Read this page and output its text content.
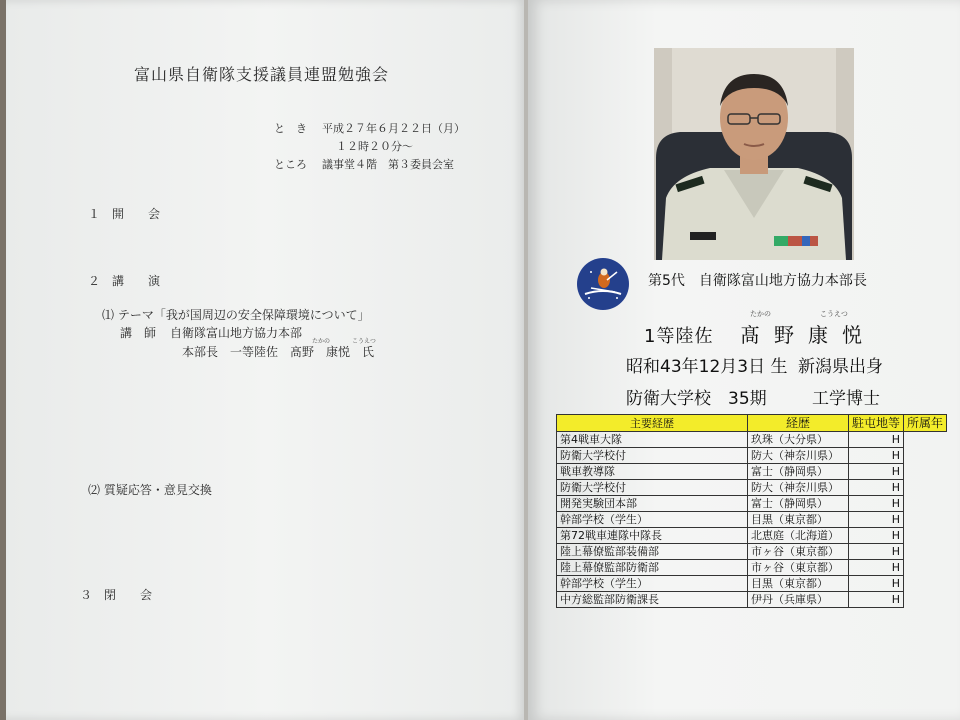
富山県自衛隊支援議員連盟勉強会
と　き 平成２７年６月２２日（月）
１２時２０分～
ところ 議事堂４階　第３委員会室
１　開　　会
２　講　　演
⑴ テーマ「我が国周辺の安全保障環境について」
講　師 自衛隊富山地方協力本部
たかの	こうえつ
本部長　一等陸佐　髙野　康悦　氏
⑵ 質疑応答・意見交換
３　閉　　会
第5代　自衛隊富山地方協力本部長
1等陸佐
たかの	こうえつ
髙野康悦
昭和43年12月3日 生 新潟県出身
防衛大学校　35期	工学博士
主要経歴	経歴	駐屯地等	所属年
第4戦車大隊	玖珠（大分県）	H	
防衛大学校付	防大（神奈川県）	H	
戦車教導隊	富士（静岡県）	H	
防衛大学校付	防大（神奈川県）	H	
開発実験団本部	富士（静岡県）	H	
幹部学校（学生）	目黒（東京都）	H	
第72戦車連隊中隊長	北恵庭（北海道）	H	
陸上幕僚監部装備部	市ヶ谷（東京都）	H	
陸上幕僚監部防衛部	市ヶ谷（東京都）	H	
幹部学校（学生）	目黒（東京都）	H	
中方総監部防衛課長	伊丹（兵庫県）	H	
